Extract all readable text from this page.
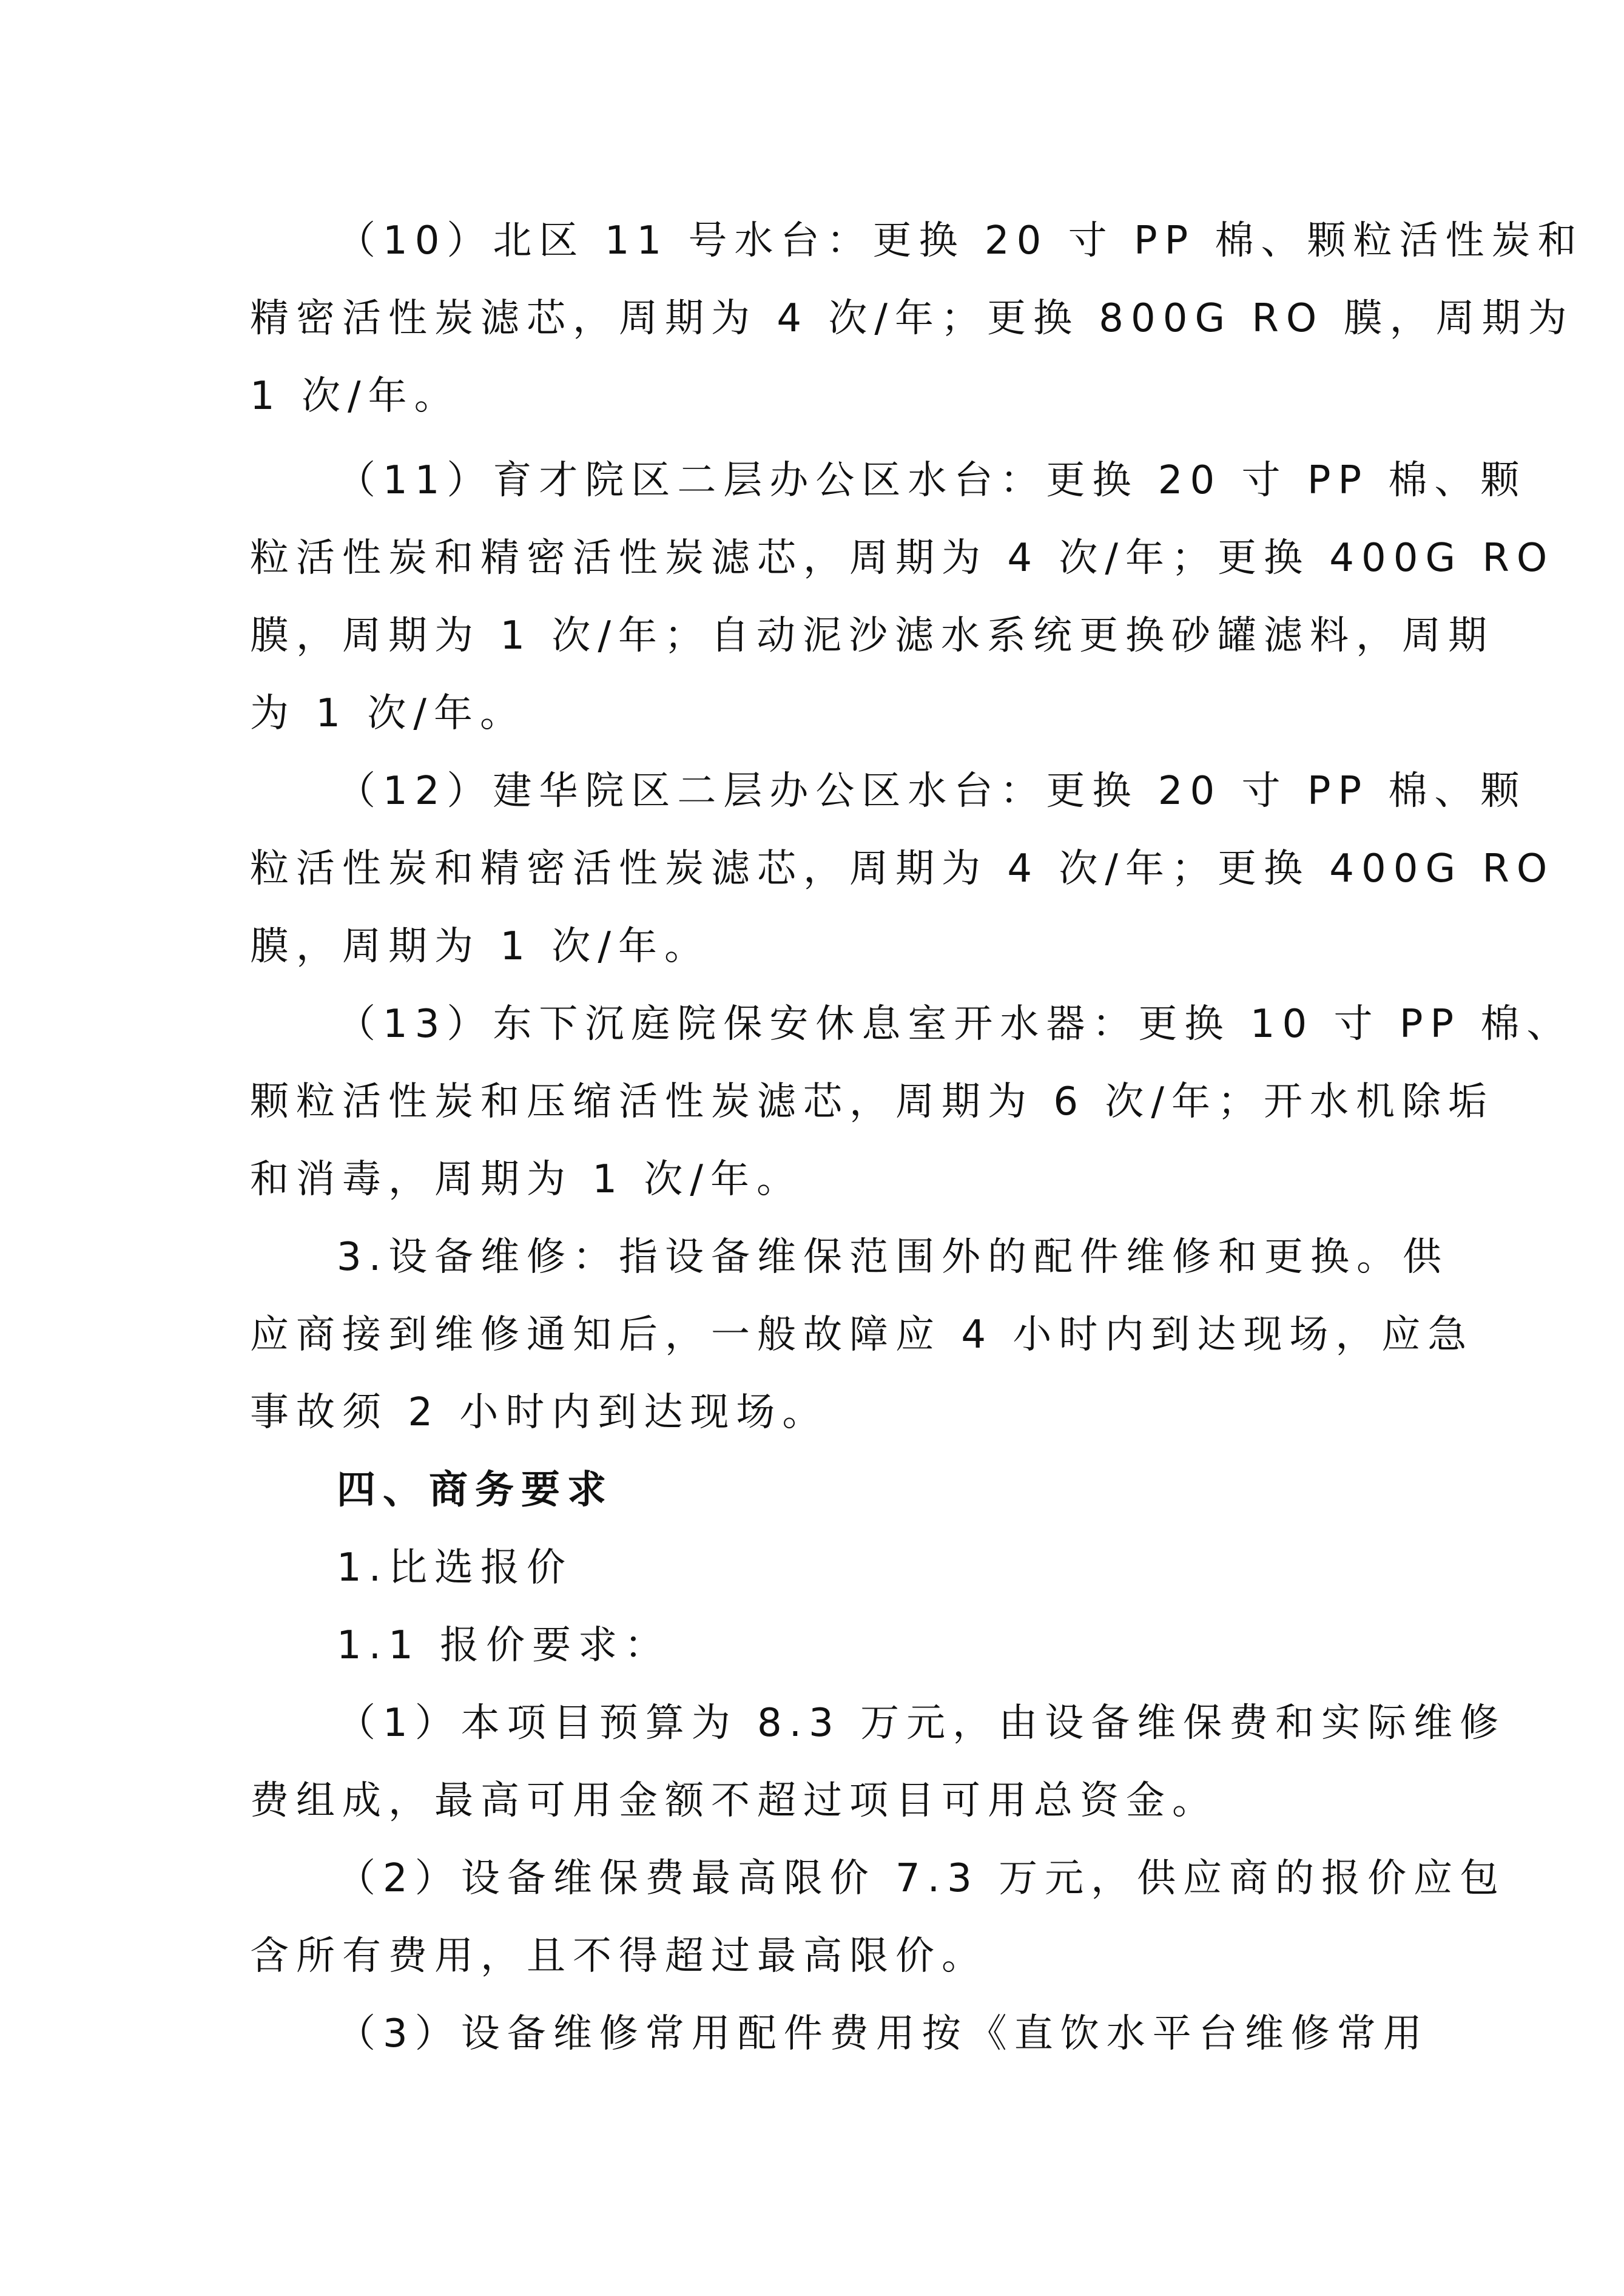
（10）北区 11 号水台：更换 20 寸 PP 棉、颗粒活性炭和
精密活性炭滤芯，周期为 4 次/年；更换 800G RO 膜，周期为
1 次/年。
（11）育才院区二层办公区水台：更换 20 寸 PP 棉、颗
粒活性炭和精密活性炭滤芯，周期为 4 次/年；更换 400G RO
膜，周期为 1 次/年；自动泥沙滤水系统更换砂罐滤料，周期
为 1 次/年。
（12）建华院区二层办公区水台：更换 20 寸 PP 棉、颗
粒活性炭和精密活性炭滤芯，周期为 4 次/年；更换 400G RO
膜，周期为 1 次/年。
（13）东下沉庭院保安休息室开水器：更换 10 寸 PP 棉、
颗粒活性炭和压缩活性炭滤芯，周期为 6 次/年；开水机除垢
和消毒，周期为 1 次/年。
3.设备维修：指设备维保范围外的配件维修和更换。供
应商接到维修通知后，一般故障应 4 小时内到达现场，应急
事故须 2 小时内到达现场。
四、商务要求
1.比选报价
1.1 报价要求：
（1）本项目预算为 8.3 万元，由设备维保费和实际维修
费组成，最高可用金额不超过项目可用总资金。
（2）设备维保费最高限价 7.3 万元，供应商的报价应包
含所有费用，且不得超过最高限价。
（3）设备维修常用配件费用按《直饮水平台维修常用
